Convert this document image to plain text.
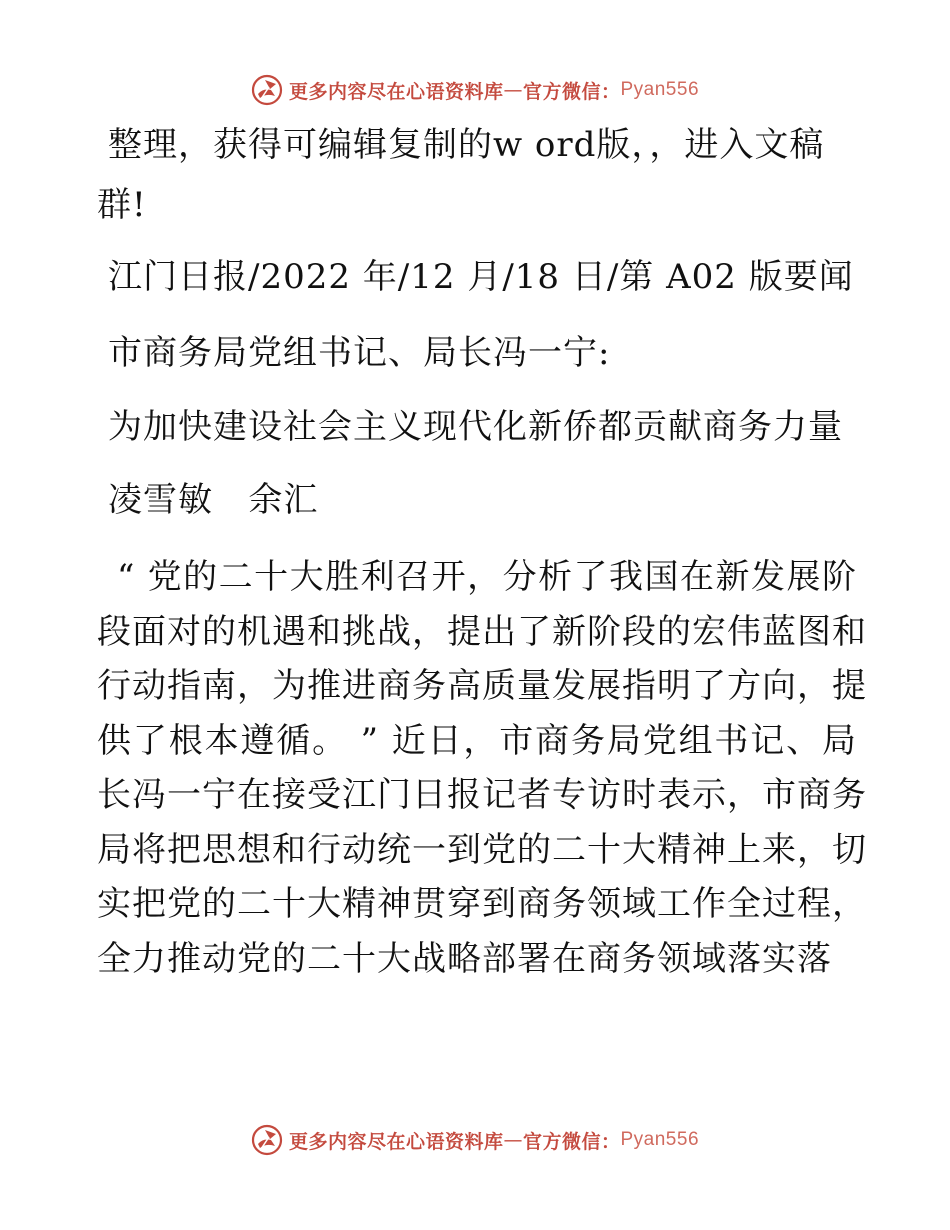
更多内容尽在心语资料库 — 官方微信： Pyan556
整理，获得可编辑复制的w ord版，，进入文稿
群!
江门日报/2022 年/12 月/18 日/第 A02 版要闻
市商务局党组书记、局长冯一宁:
为加快建设社会主义现代化新侨都贡献商务力量
凌雪敏   余汇
“ 党的二十大胜利召开，分析了我国在新发展阶
段面对的机遇和挑战，提出了新阶段的宏伟蓝图和
行动指南，为推进商务高质量发展指明了方向，提
供了根本遵循。 ” 近日，市商务局党组书记、局
长冯一宁在接受江门日报记者专访时表示，市商务
局将把思想和行动统一到党的二十大精神上来，切
实把党的二十大精神贯穿到商务领域工作全过程，
全力推动党的二十大战略部署在商务领域落实落
更多内容尽在心语资料库 — 官方微信： Pyan556
